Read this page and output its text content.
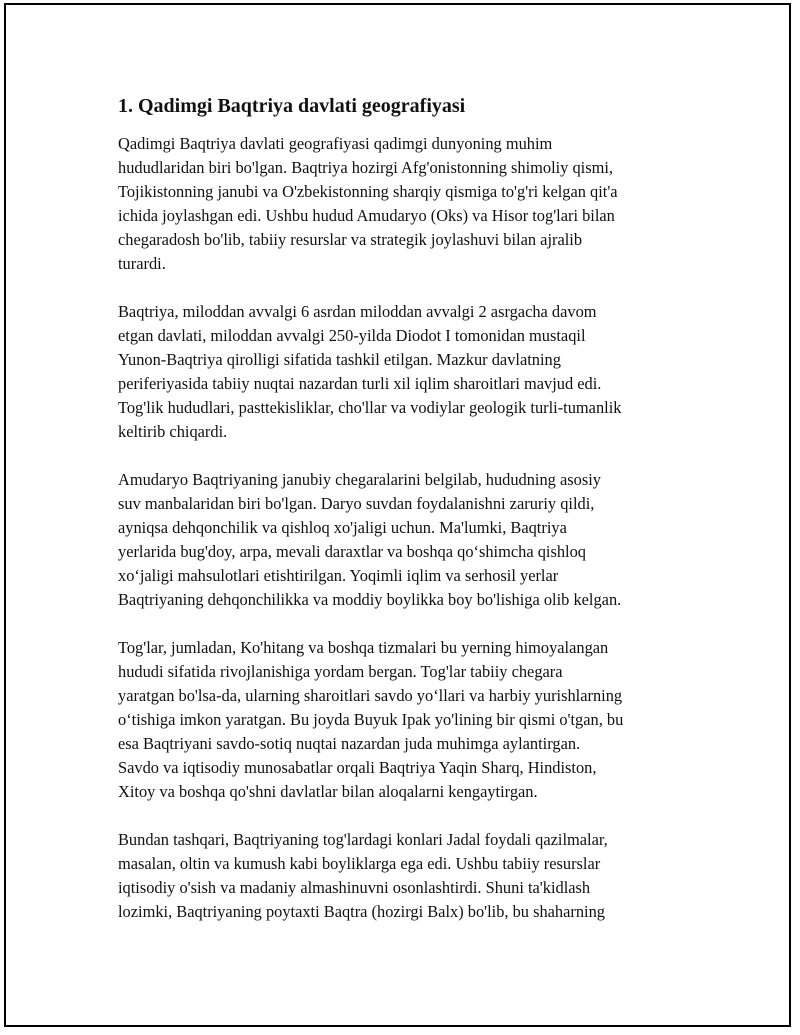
1. Qadimgi Baqtriya davlati geografiyasi

Qadimgi Baqtriya davlati geografiyasi qadimgi dunyoning muhim
hududlaridan biri bo'lgan. Baqtriya hozirgi Afg'onistonning shimoliy qismi,
Tojikistonning janubi va O'zbekistonning sharqiy qismiga to'g'ri kelgan qit'a
ichida joylashgan edi. Ushbu hudud Amudaryo (Oks) va Hisor tog'lari bilan
chegaradosh bo'lib, tabiiy resurslar va strategik joylashuvi bilan ajralib
turardi.

Baqtriya, miloddan avvalgi 6 asrdan miloddan avvalgi 2 asrgacha davom
etgan davlati, miloddan avvalgi 250-yilda Diodot I tomonidan mustaqil
Yunon-Baqtriya qirolligi sifatida tashkil etilgan. Mazkur davlatning
periferiyasida tabiiy nuqtai nazardan turli xil iqlim sharoitlari mavjud edi.
Tog'lik hududlari, pasttekisliklar, cho'llar va vodiylar geologik turli-tumanlik
keltirib chiqardi.

Amudaryo Baqtriyaning janubiy chegaralarini belgilab, hududning asosiy
suv manbalaridan biri bo'lgan. Daryo suvdan foydalanishni zaruriy qildi,
ayniqsa dehqonchilik va qishloq xo'jaligi uchun. Ma'lumki, Baqtriya
yerlarida bug'doy, arpa, mevali daraxtlar va boshqa qo‘shimcha qishloq
xo‘jaligi mahsulotlari etishtirilgan. Yoqimli iqlim va serhosil yerlar
Baqtriyaning dehqonchilikka va moddiy boylikka boy bo'lishiga olib kelgan.

Tog'lar, jumladan, Ko'hitang va boshqa tizmalari bu yerning himoyalangan
hududi sifatida rivojlanishiga yordam bergan. Tog'lar tabiiy chegara
yaratgan bo'lsa-da, ularning sharoitlari savdo yo‘llari va harbiy yurishlarning
o‘tishiga imkon yaratgan. Bu joyda Buyuk Ipak yo'lining bir qismi o'tgan, bu
esa Baqtriyani savdo-sotiq nuqtai nazardan juda muhimga aylantirgan.
Savdo va iqtisodiy munosabatlar orqali Baqtriya Yaqin Sharq, Hindiston,
Xitoy va boshqa qo'shni davlatlar bilan aloqalarni kengaytirgan.

Bundan tashqari, Baqtriyaning tog'lardagi konlari Jadal foydali qazilmalar,
masalan, oltin va kumush kabi boyliklarga ega edi. Ushbu tabiiy resurslar
iqtisodiy o'sish va madaniy almashinuvni osonlashtirdi. Shuni ta'kidlash
lozimki, Baqtriyaning poytaxti Baqtra (hozirgi Balx) bo'lib, bu shaharning
